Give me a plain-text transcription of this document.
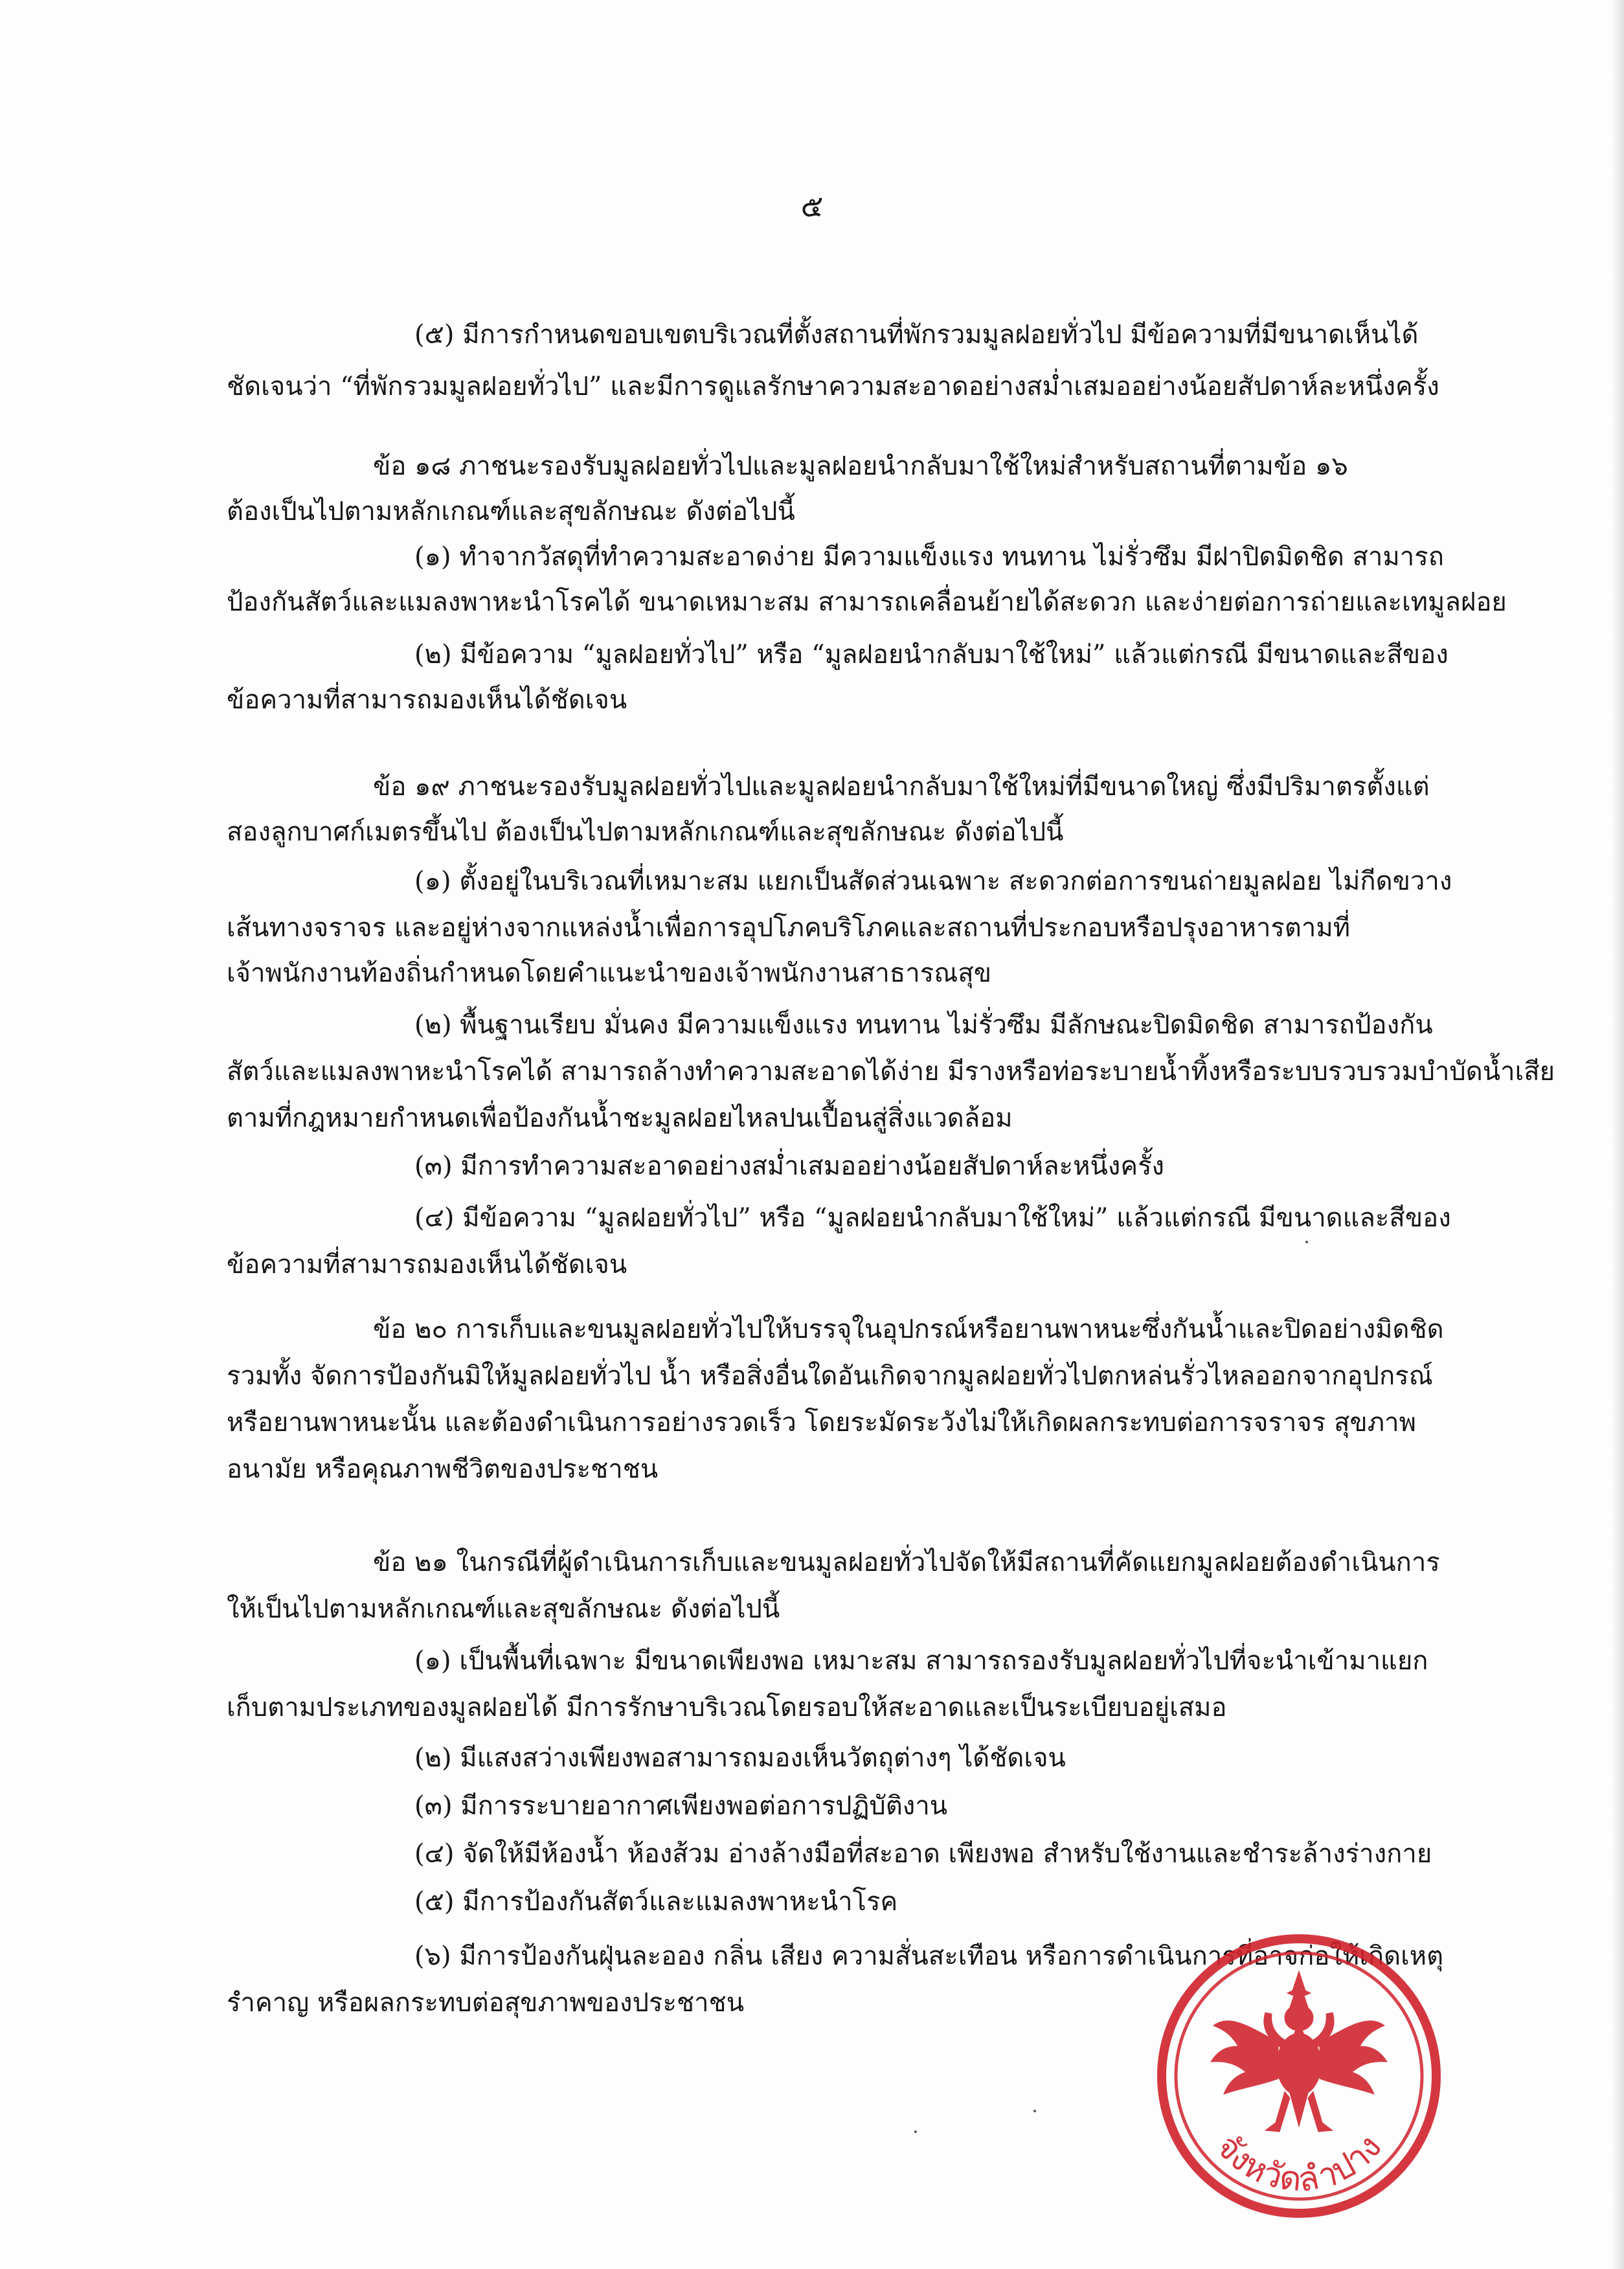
๕
(๕) มีการกำหนดขอบเขตบริเวณที่ตั้งสถานที่พักรวมมูลฝอยทั่วไป มีข้อความที่มีขนาดเห็นได้
ชัดเจนว่า “ที่พักรวมมูลฝอยทั่วไป” และมีการดูแลรักษาความสะอาดอย่างสม่ำเสมออย่างน้อยสัปดาห์ละหนึ่งครั้ง
ข้อ ๑๘ ภาชนะรองรับมูลฝอยทั่วไปและมูลฝอยนำกลับมาใช้ใหม่สำหรับสถานที่ตามข้อ ๑๖
ต้องเป็นไปตามหลักเกณฑ์และสุขลักษณะ ดังต่อไปนี้
(๑) ทำจากวัสดุที่ทำความสะอาดง่าย มีความแข็งแรง ทนทาน ไม่รั่วซึม มีฝาปิดมิดชิด สามารถ
ป้องกันสัตว์และแมลงพาหะนำโรคได้ ขนาดเหมาะสม สามารถเคลื่อนย้ายได้สะดวก และง่ายต่อการถ่ายและเทมูลฝอย
(๒) มีข้อความ “มูลฝอยทั่วไป” หรือ “มูลฝอยนำกลับมาใช้ใหม่” แล้วแต่กรณี มีขนาดและสีของ
ข้อความที่สามารถมองเห็นได้ชัดเจน
ข้อ ๑๙ ภาชนะรองรับมูลฝอยทั่วไปและมูลฝอยนำกลับมาใช้ใหม่ที่มีขนาดใหญ่ ซึ่งมีปริมาตรตั้งแต่
สองลูกบาศก์เมตรขึ้นไป ต้องเป็นไปตามหลักเกณฑ์และสุขลักษณะ ดังต่อไปนี้
(๑) ตั้งอยู่ในบริเวณที่เหมาะสม แยกเป็นสัดส่วนเฉพาะ สะดวกต่อการขนถ่ายมูลฝอย ไม่กีดขวาง
เส้นทางจราจร และอยู่ห่างจากแหล่งน้ำเพื่อการอุปโภคบริโภคและสถานที่ประกอบหรือปรุงอาหารตามที่
เจ้าพนักงานท้องถิ่นกำหนดโดยคำแนะนำของเจ้าพนักงานสาธารณสุข
(๒) พื้นฐานเรียบ มั่นคง มีความแข็งแรง ทนทาน ไม่รั่วซึม มีลักษณะปิดมิดชิด สามารถป้องกัน
สัตว์และแมลงพาหะนำโรคได้ สามารถล้างทำความสะอาดได้ง่าย มีรางหรือท่อระบายน้ำทิ้งหรือระบบรวบรวมบำบัดน้ำเสีย
ตามที่กฎหมายกำหนดเพื่อป้องกันน้ำชะมูลฝอยไหลปนเปื้อนสู่สิ่งแวดล้อม
(๓) มีการทำความสะอาดอย่างสม่ำเสมออย่างน้อยสัปดาห์ละหนึ่งครั้ง
(๔) มีข้อความ “มูลฝอยทั่วไป” หรือ “มูลฝอยนำกลับมาใช้ใหม่” แล้วแต่กรณี มีขนาดและสีของ
ข้อความที่สามารถมองเห็นได้ชัดเจน
ข้อ ๒๐ การเก็บและขนมูลฝอยทั่วไปให้บรรจุในอุปกรณ์หรือยานพาหนะซึ่งกันน้ำและปิดอย่างมิดชิด
รวมทั้ง จัดการป้องกันมิให้มูลฝอยทั่วไป น้ำ หรือสิ่งอื่นใดอันเกิดจากมูลฝอยทั่วไปตกหล่นรั่วไหลออกจากอุปกรณ์
หรือยานพาหนะนั้น และต้องดำเนินการอย่างรวดเร็ว โดยระมัดระวังไม่ให้เกิดผลกระทบต่อการจราจร สุขภาพ
อนามัย หรือคุณภาพชีวิตของประชาชน
ข้อ ๒๑ ในกรณีที่ผู้ดำเนินการเก็บและขนมูลฝอยทั่วไปจัดให้มีสถานที่คัดแยกมูลฝอยต้องดำเนินการ
ให้เป็นไปตามหลักเกณฑ์และสุขลักษณะ ดังต่อไปนี้
(๑) เป็นพื้นที่เฉพาะ มีขนาดเพียงพอ เหมาะสม สามารถรองรับมูลฝอยทั่วไปที่จะนำเข้ามาแยก
เก็บตามประเภทของมูลฝอยได้ มีการรักษาบริเวณโดยรอบให้สะอาดและเป็นระเบียบอยู่เสมอ
(๒) มีแสงสว่างเพียงพอสามารถมองเห็นวัตถุต่างๆ ได้ชัดเจน
(๓) มีการระบายอากาศเพียงพอต่อการปฏิบัติงาน
(๔) จัดให้มีห้องน้ำ ห้องส้วม อ่างล้างมือที่สะอาด เพียงพอ สำหรับใช้งานและชำระล้างร่างกาย
(๕) มีการป้องกันสัตว์และแมลงพาหะนำโรค
(๖) มีการป้องกันฝุ่นละออง กลิ่น เสียง ความสั่นสะเทือน หรือการดำเนินการที่อาจก่อให้เกิดเหตุ
รำคาญ หรือผลกระทบต่อสุขภาพของประชาชน
จังหวัดลำปาง
